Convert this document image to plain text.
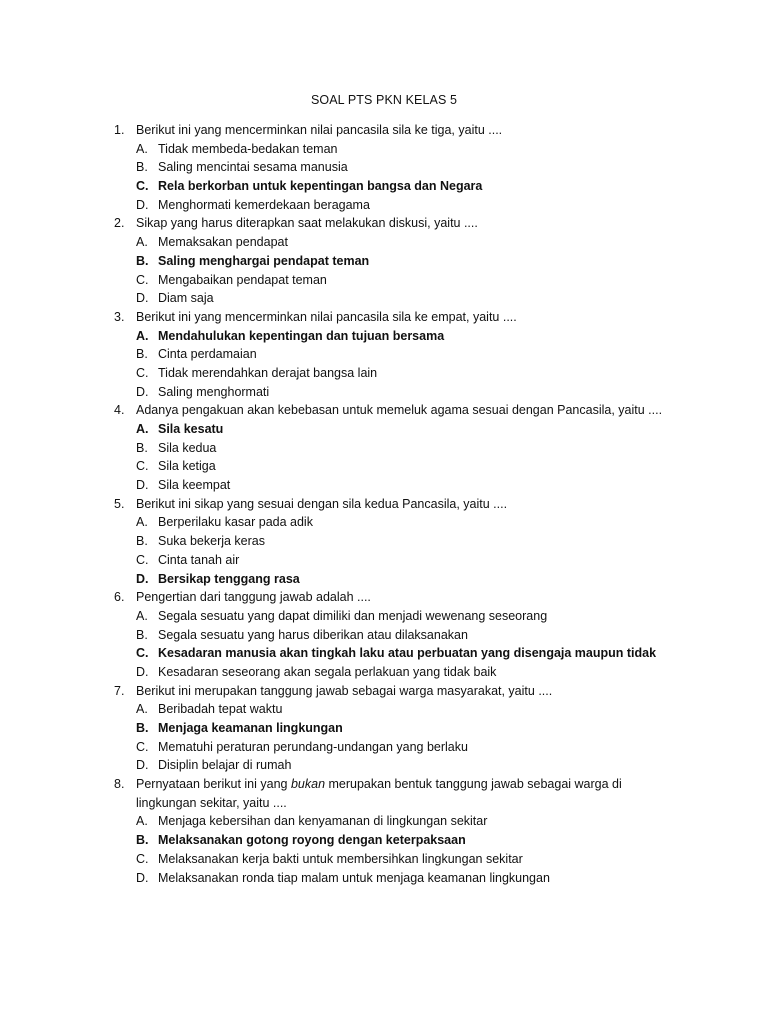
SOAL PTS PKN KELAS 5
1. Berikut ini yang mencerminkan nilai pancasila sila ke tiga, yaitu ....
A. Tidak membeda-bedakan teman
B. Saling mencintai sesama manusia
C. Rela berkorban untuk kepentingan bangsa dan Negara
D. Menghormati kemerdekaan beragama
2. Sikap yang harus diterapkan saat melakukan diskusi, yaitu ....
A. Memaksakan pendapat
B. Saling menghargai pendapat teman
C. Mengabaikan pendapat teman
D. Diam saja
3. Berikut ini yang mencerminkan nilai pancasila sila ke empat, yaitu ....
A. Mendahulukan kepentingan dan tujuan bersama
B. Cinta perdamaian
C. Tidak merendahkan derajat bangsa lain
D. Saling menghormati
4. Adanya pengakuan akan kebebasan untuk memeluk agama sesuai dengan Pancasila, yaitu ....
A. Sila kesatu
B. Sila kedua
C. Sila ketiga
D. Sila keempat
5. Berikut ini sikap yang sesuai dengan sila kedua Pancasila, yaitu ....
A. Berperilaku kasar pada adik
B. Suka bekerja keras
C. Cinta tanah air
D. Bersikap tenggang rasa
6. Pengertian dari tanggung jawab adalah ....
A. Segala sesuatu yang dapat dimiliki dan menjadi wewenang seseorang
B. Segala sesuatu yang harus diberikan atau dilaksanakan
C. Kesadaran manusia akan tingkah laku atau perbuatan yang disengaja maupun tidak
D. Kesadaran seseorang akan segala perlakuan yang tidak baik
7. Berikut ini merupakan tanggung jawab sebagai warga masyarakat, yaitu ....
A. Beribadah tepat waktu
B. Menjaga keamanan lingkungan
C. Mematuhi peraturan perundang-undangan yang berlaku
D. Disiplin belajar di rumah
8. Pernyataan berikut ini yang bukan merupakan bentuk tanggung jawab sebagai warga di
lingkungan sekitar, yaitu ....
A. Menjaga kebersihan dan kenyamanan di lingkungan sekitar
B. Melaksanakan gotong royong dengan keterpaksaan
C. Melaksanakan kerja bakti untuk membersihkan lingkungan sekitar
D. Melaksanakan ronda tiap malam untuk menjaga keamanan lingkungan
